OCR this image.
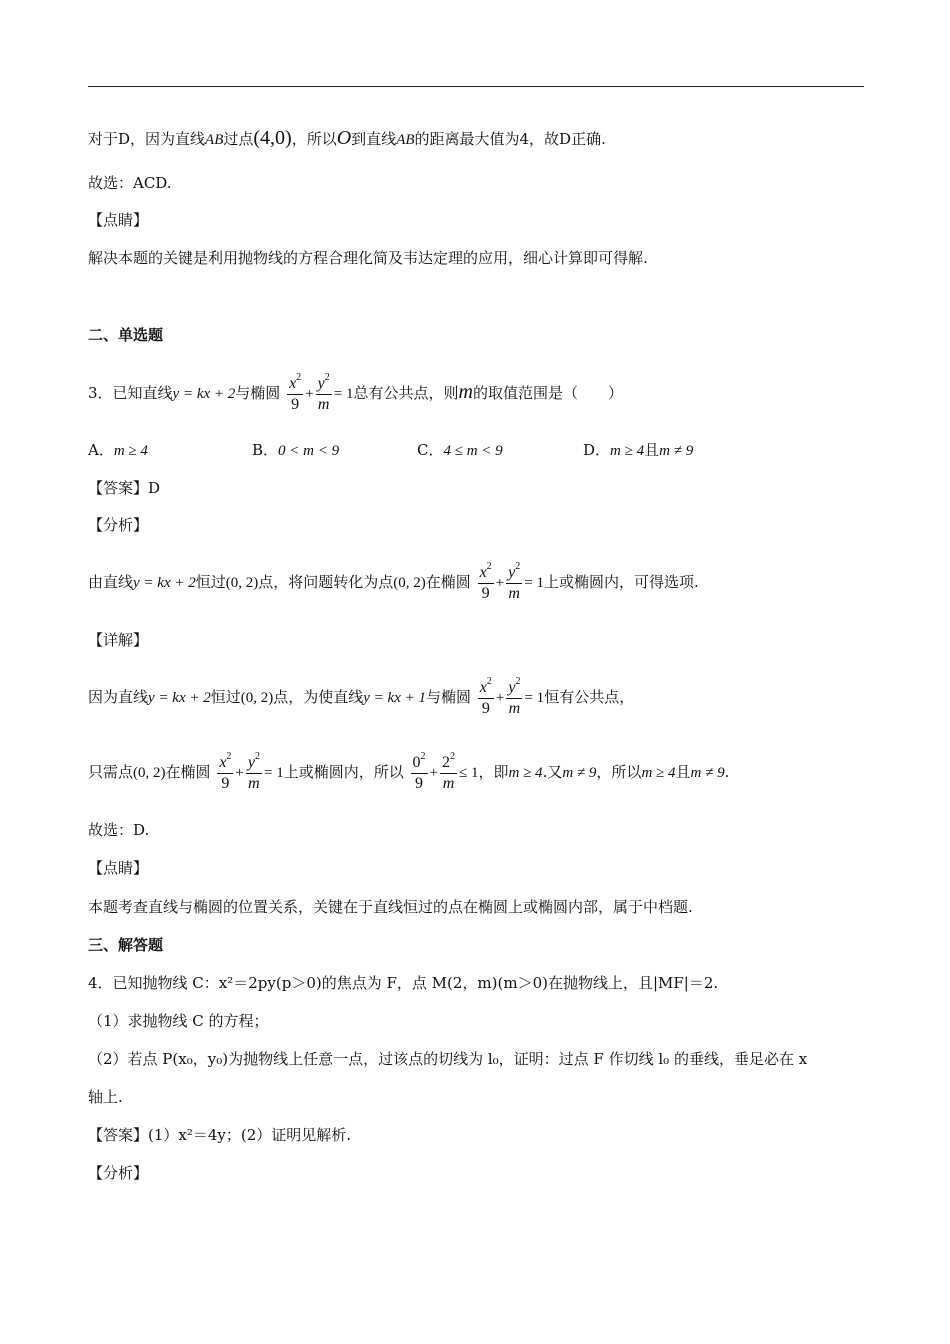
对于D，因为直线AB过点(4,0)，所以O到直线AB的距离最大值为4，故D正确.
故选：ACD.
【点睛】
解决本题的关键是利用抛物线的方程合理化简及韦达定理的应用，细心计算即可得解.
二、单选题
3．已知直线y = kx + 2与椭圆 $\frac{x^2}{9} + \frac{y^2}{m} = 1$总有公共点，则m的取值范围是（　　）
A．m ≥ 4	B．0 < m < 9	C．4 ≤ m < 9	D．m ≥ 4且m ≠ 9
【答案】D
【分析】
由直线y = kx + 2恒过(0, 2)点，将问题转化为点(0, 2)在椭圆 $\frac{x^2}{9} + \frac{y^2}{m} = 1$上或椭圆内，可得选项.
【详解】
因为直线y = kx + 2恒过(0, 2)点，为使直线y = kx + 1与椭圆 $\frac{x^2}{9} + \frac{y^2}{m} = 1$恒有公共点，
只需点(0, 2)在椭圆 $\frac{x^2}{9} + \frac{y^2}{m} = 1$上或椭圆内，所以 $\frac{0^2}{9} + \frac{2^2}{m} \le 1$，即m ≥ 4.又m ≠ 9，所以m ≥ 4且m ≠ 9.
故选：D.
【点睛】
本题考查直线与椭圆的位置关系，关键在于直线恒过的点在椭圆上或椭圆内部，属于中档题.
三、解答题
4．已知抛物线 C：x²＝2py(p＞0)的焦点为 F，点 M(2，m)(m＞0)在抛物线上，且|MF|＝2.
（1）求抛物线 C 的方程；
（2）若点 P(x₀，y₀)为抛物线上任意一点，过该点的切线为 l₀，证明：过点 F 作切线 l₀ 的垂线，垂足必在 x
轴上.
【答案】(1）x²＝4y；(2）证明见解析.
【分析】
